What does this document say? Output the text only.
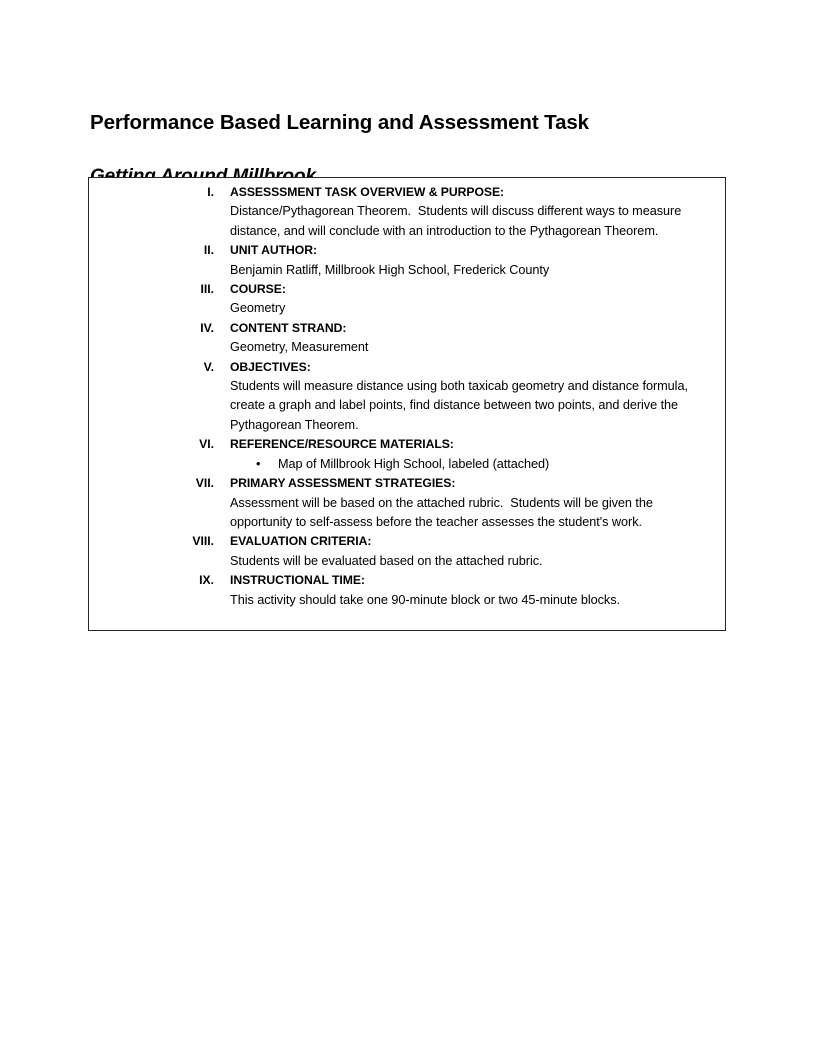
Performance Based Learning and Assessment Task
I. ASSESSSMENT TASK OVERVIEW & PURPOSE:
Distance/Pythagorean Theorem.  Students will discuss different ways to measure distance, and will conclude with an introduction to the Pythagorean Theorem.
II. UNIT AUTHOR:
Benjamin Ratliff, Millbrook High School, Frederick County
III. COURSE:
Geometry
IV. CONTENT STRAND:
Geometry, Measurement
V. OBJECTIVES:
Students will measure distance using both taxicab geometry and distance formula, create a graph and label points, find distance between two points, and derive the Pythagorean Theorem.
VI. REFERENCE/RESOURCE MATERIALS:
• Map of Millbrook High School, labeled (attached)
VII. PRIMARY ASSESSMENT STRATEGIES:
Assessment will be based on the attached rubric.  Students will be given the opportunity to self-assess before the teacher assesses the student's work.
VIII. EVALUATION CRITERIA:
Students will be evaluated based on the attached rubric.
IX. INSTRUCTIONAL TIME:
This activity should take one 90-minute block or two 45-minute blocks.
